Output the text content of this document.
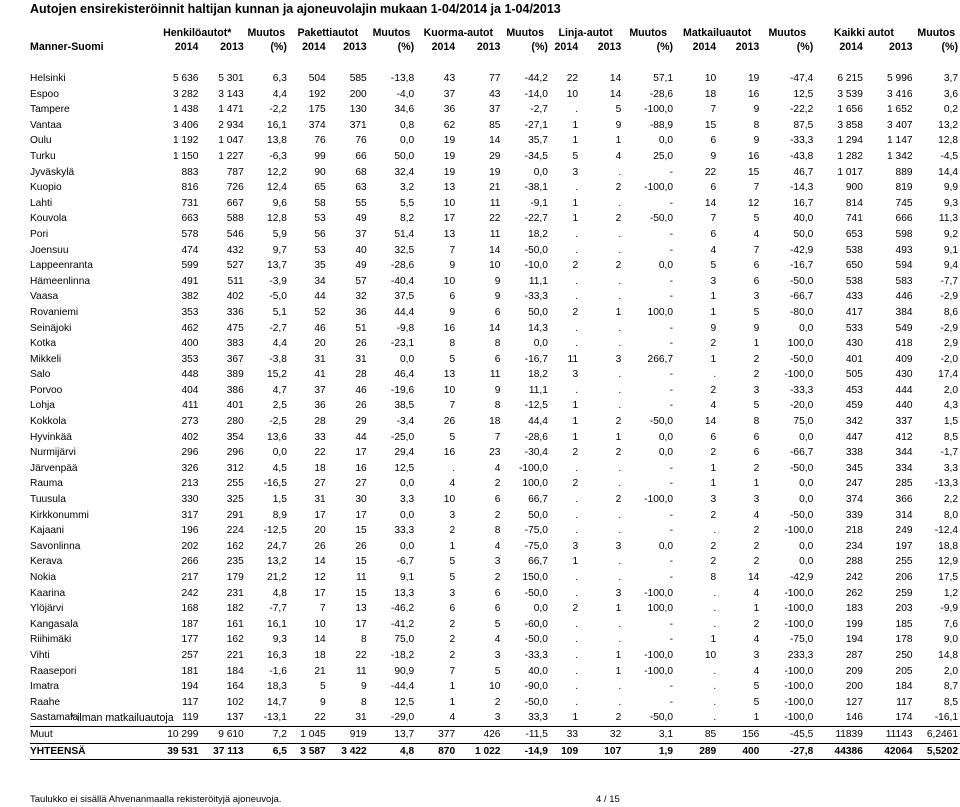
Autojen ensirekisteröinnit haltijan kunnan ja ajoneuvolajin mukaan 1-04/2014 ja 1-04/2013
	Henkilöautot*		Muutos	Pakettiautot		Muutos	Kuorma-autot		Muutos	Linja-autot		Muutos	Matkailuautot		Muutos	Kaikki autot		Muutos
Manner-Suomi	2014	2013	(%)	2014	2013	(%)	2014	2013	(%)	2014	2013	(%)	2014	2013	(%)	2014	2013	(%)

Helsinki	5 636	5 301	6,3	504	585	-13,8	43	77	-44,2	22	14	57,1	10	19	-47,4	6 215	5 996	3,7
Espoo	3 282	3 143	4,4	192	200	-4,0	37	43	-14,0	10	14	-28,6	18	16	12,5	3 539	3 416	3,6
Tampere	1 438	1 471	-2,2	175	130	34,6	36	37	-2,7	.	5	-100,0	7	9	-22,2	1 656	1 652	0,2
Vantaa	3 406	2 934	16,1	374	371	0,8	62	85	-27,1	1	9	-88,9	15	8	87,5	3 858	3 407	13,2
Oulu	1 192	1 047	13,8	76	76	0,0	19	14	35,7	1	1	0,0	6	9	-33,3	1 294	1 147	12,8
Turku	1 150	1 227	-6,3	99	66	50,0	19	29	-34,5	5	4	25,0	9	16	-43,8	1 282	1 342	-4,5
Jyväskylä	883	787	12,2	90	68	32,4	19	19	0,0	3	.	-	22	15	46,7	1 017	889	14,4
Kuopio	816	726	12,4	65	63	3,2	13	21	-38,1	.	2	-100,0	6	7	-14,3	900	819	9,9
Lahti	731	667	9,6	58	55	5,5	10	11	-9,1	1	.	-	14	12	16,7	814	745	9,3
Kouvola	663	588	12,8	53	49	8,2	17	22	-22,7	1	2	-50,0	7	5	40,0	741	666	11,3
Pori	578	546	5,9	56	37	51,4	13	11	18,2	.	.	-	6	4	50,0	653	598	9,2
Joensuu	474	432	9,7	53	40	32,5	7	14	-50,0	.	.	-	4	7	-42,9	538	493	9,1
Lappeenranta	599	527	13,7	35	49	-28,6	9	10	-10,0	2	2	0,0	5	6	-16,7	650	594	9,4
Hämeenlinna	491	511	-3,9	34	57	-40,4	10	9	11,1	.	.	-	3	6	-50,0	538	583	-7,7
Vaasa	382	402	-5,0	44	32	37,5	6	9	-33,3	.	.	-	1	3	-66,7	433	446	-2,9
Rovaniemi	353	336	5,1	52	36	44,4	9	6	50,0	2	1	100,0	1	5	-80,0	417	384	8,6
Seinäjoki	462	475	-2,7	46	51	-9,8	16	14	14,3	.	.	-	9	9	0,0	533	549	-2,9
Kotka	400	383	4,4	20	26	-23,1	8	8	0,0	.	.	-	2	1	100,0	430	418	2,9
Mikkeli	353	367	-3,8	31	31	0,0	5	6	-16,7	11	3	266,7	1	2	-50,0	401	409	-2,0
Salo	448	389	15,2	41	28	46,4	13	11	18,2	3	.	-	.	2	-100,0	505	430	17,4
Porvoo	404	386	4,7	37	46	-19,6	10	9	11,1	.	.	-	2	3	-33,3	453	444	2,0
Lohja	411	401	2,5	36	26	38,5	7	8	-12,5	1	.	-	4	5	-20,0	459	440	4,3
Kokkola	273	280	-2,5	28	29	-3,4	26	18	44,4	1	2	-50,0	14	8	75,0	342	337	1,5
Hyvinkää	402	354	13,6	33	44	-25,0	5	7	-28,6	1	1	0,0	6	6	0,0	447	412	8,5
Nurmijärvi	296	296	0,0	22	17	29,4	16	23	-30,4	2	2	0,0	2	6	-66,7	338	344	-1,7
Järvenpää	326	312	4,5	18	16	12,5	.	4	-100,0	.	.	-	1	2	-50,0	345	334	3,3
Rauma	213	255	-16,5	27	27	0,0	4	2	100,0	2	.	-	1	1	0,0	247	285	-13,3
Tuusula	330	325	1,5	31	30	3,3	10	6	66,7	.	2	-100,0	3	3	0,0	374	366	2,2
Kirkkonummi	317	291	8,9	17	17	0,0	3	2	50,0	.	.	-	2	4	-50,0	339	314	8,0
Kajaani	196	224	-12,5	20	15	33,3	2	8	-75,0	.	.	-	.	2	-100,0	218	249	-12,4
Savonlinna	202	162	24,7	26	26	0,0	1	4	-75,0	3	3	0,0	2	2	0,0	234	197	18,8
Kerava	266	235	13,2	14	15	-6,7	5	3	66,7	1	.	-	2	2	0,0	288	255	12,9
Nokia	217	179	21,2	12	11	9,1	5	2	150,0	.	.	-	8	14	-42,9	242	206	17,5
Kaarina	242	231	4,8	17	15	13,3	3	6	-50,0	.	3	-100,0	.	4	-100,0	262	259	1,2
Ylöjärvi	168	182	-7,7	7	13	-46,2	6	6	0,0	2	1	100,0	.	1	-100,0	183	203	-9,9
Kangasala	187	161	16,1	10	17	-41,2	2	5	-60,0	.	.	-	.	2	-100,0	199	185	7,6
Riihimäki	177	162	9,3	14	8	75,0	2	4	-50,0	.	.	-	1	4	-75,0	194	178	9,0
Vihti	257	221	16,3	18	22	-18,2	2	3	-33,3	.	1	-100,0	10	3	233,3	287	250	14,8
Raasepori	181	184	-1,6	21	11	90,9	7	5	40,0	.	1	-100,0	.	4	-100,0	209	205	2,0
Imatra	194	164	18,3	5	9	-44,4	1	10	-90,0	.	.	-	.	5	-100,0	200	184	8,7
Raahe	117	102	14,7	9	8	12,5	1	2	-50,0	.	.	-	.	5	-100,0	127	117	8,5
Sastamala	119	137	-13,1	22	31	-29,0	4	3	33,3	1	2	-50,0	.	1	-100,0	146	174	-16,1
Muut	10 299	9 610	7,2	1 045	919	13,7	377	426	-11,5	33	32	3,1	85	156	-45,5	11839	11143	6,2461
YHTEENSÄ	39 531	37 113	6,5	3 587	3 422	4,8	870	1 022	-14,9	109	107	1,9	289	400	-27,8	44386	42064	5,5202
* ilman matkailuautoja
Taulukko ei sisällä Ahvenanmaalla rekisteröityjä ajoneuvoja.	4 / 15
